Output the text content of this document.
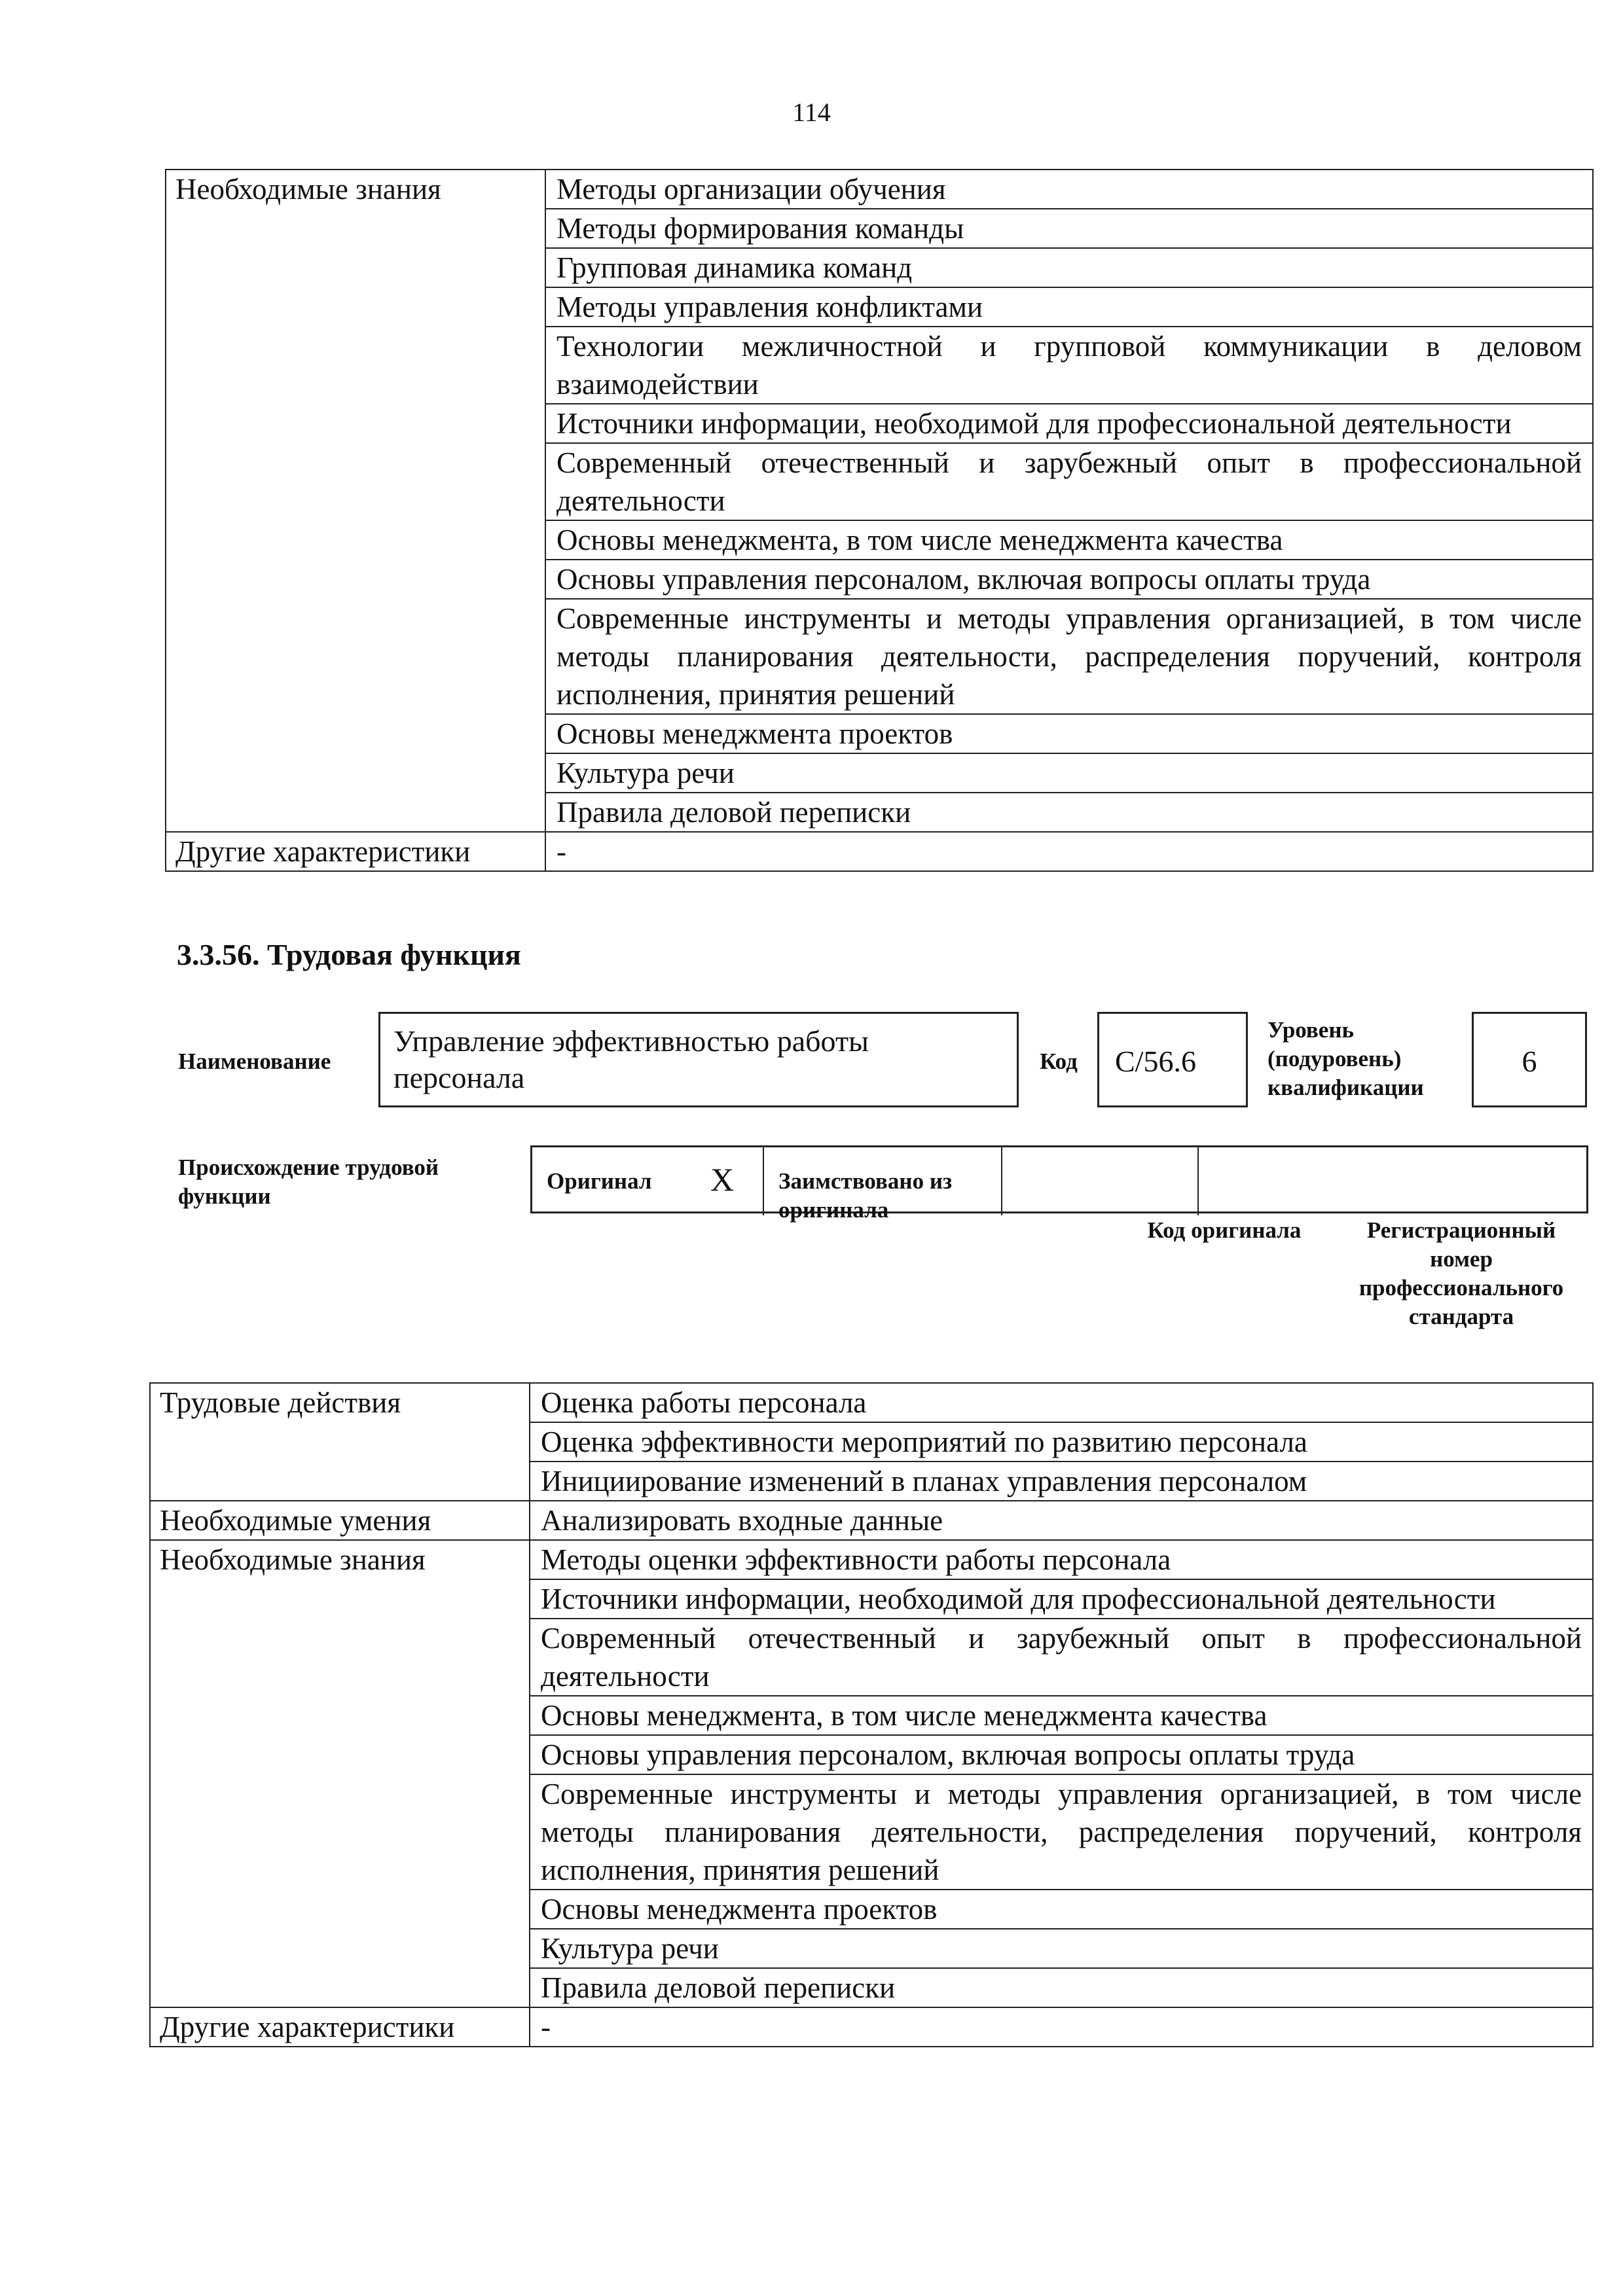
114
Необходимые знания	Методы организации обучения
	Методы формирования команды
	Групповая динамика команд
	Методы управления конфликтами
	Технологии межличностной и групповой коммуникации в деловом взаимодействии
	Источники информации, необходимой для профессиональной деятельности
	Современный отечественный и зарубежный опыт в профессиональной деятельности
	Основы менеджмента, в том числе менеджмента качества
	Основы управления персоналом, включая вопросы оплаты труда
	Современные инструменты и методы управления организацией, в том числе методы планирования деятельности, распределения поручений, контроля исполнения, принятия решений
	Основы менеджмента проектов
	Культура речи
	Правила деловой переписки
Другие характеристики	-
3.3.56. Трудовая функция
Наименование
Управление эффективностью работы персонала	Код	C/56.6
Уровень (подуровень) квалификации
6
Происхождение трудовой функции
Оригинал X Заимствовано из оригинала
Код оригинала	Регистрационный номер профессионального стандарта
Трудовые действия	Оценка работы персонала
	Оценка эффективности мероприятий по развитию персонала
	Инициирование изменений в планах управления персоналом
Необходимые умения	Анализировать входные данные
Необходимые знания	Методы оценки эффективности работы персонала
	Источники информации, необходимой для профессиональной деятельности
	Современный отечественный и зарубежный опыт в профессиональной деятельности
	Основы менеджмента, в том числе менеджмента качества
	Основы управления персоналом, включая вопросы оплаты труда
	Современные инструменты и методы управления организацией, в том числе методы планирования деятельности, распределения поручений, контроля исполнения, принятия решений
	Основы менеджмента проектов
	Культура речи
	Правила деловой переписки
Другие характеристики	-
